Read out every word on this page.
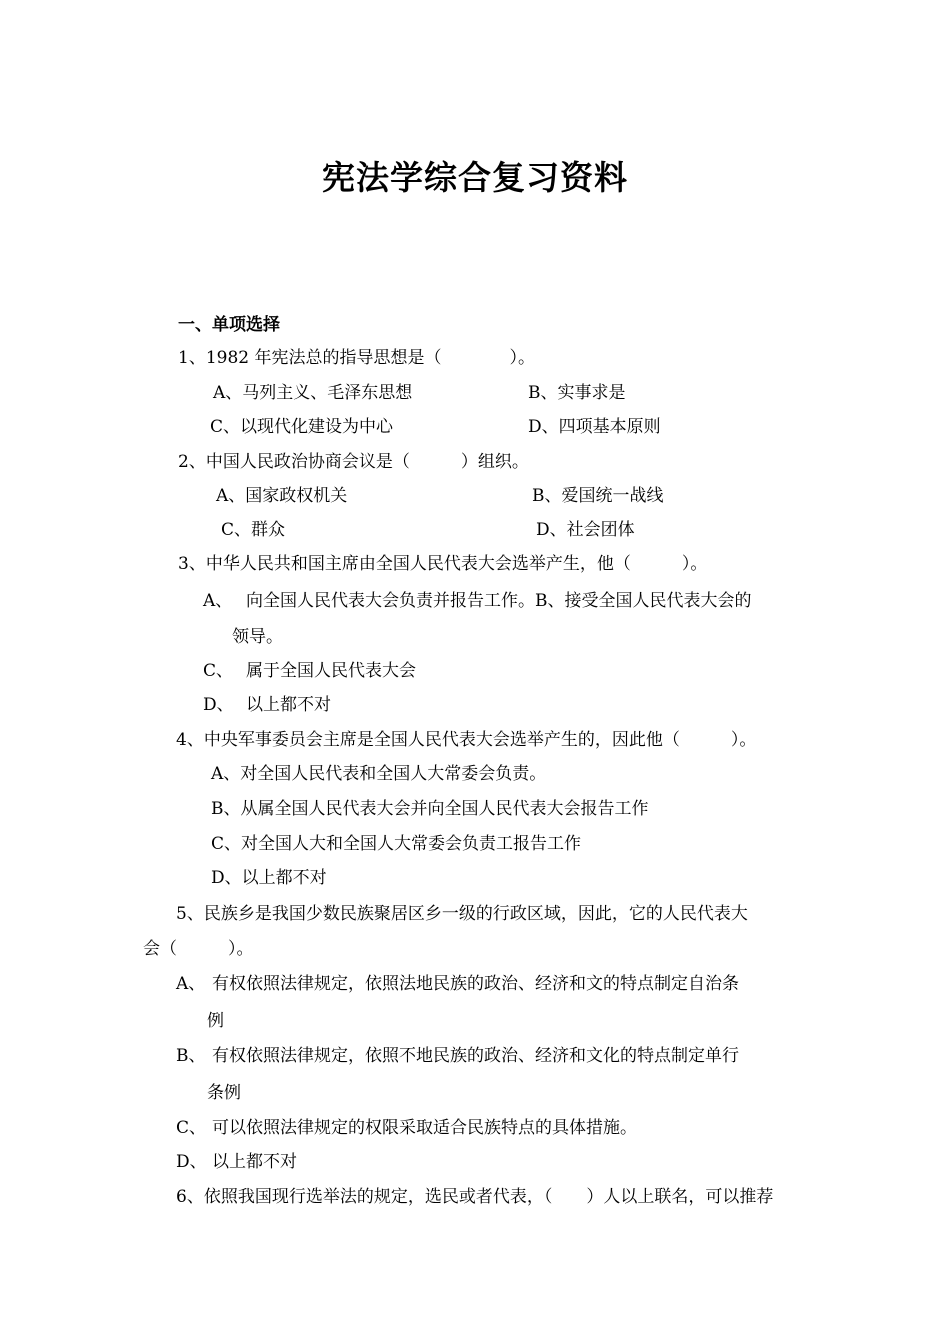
宪法学综合复习资料
一、单项选择
1、1982 年宪法总的指导思想是（　　　　）。
A、马列主义、毛泽东思想	B、实事求是
C、以现代化建设为中心	D、四项基本原则
2、中国人民政治协商会议是（　　　）组织。
A、国家政权机关	B、爱国统一战线
C、群众	D、社会团体
3、中华人民共和国主席由全国人民代表大会选举产生，他（　　　）。
A、 向全国人民代表大会负责并报告工作。B、接受全国人民代表大会的
领导。
C、 属于全国人民代表大会
D、 以上都不对
4、中央军事委员会主席是全国人民代表大会选举产生的，因此他（　　　）。
A、对全国人民代表和全国人大常委会负责。
B、从属全国人民代表大会并向全国人民代表大会报告工作
C、对全国人大和全国人大常委会负责工报告工作
D、以上都不对
5、民族乡是我国少数民族聚居区乡一级的行政区域，因此，它的人民代表大
会（　　　）。
A、 有权依照法律规定，依照法地民族的政治、经济和文的特点制定自治条
例
B、 有权依照法律规定，依照不地民族的政治、经济和文化的特点制定单行
条例
C、 可以依照法律规定的权限采取适合民族特点的具体措施。
D、 以上都不对
6、依照我国现行选举法的规定，选民或者代表，（　　）人以上联名，可以推荐
